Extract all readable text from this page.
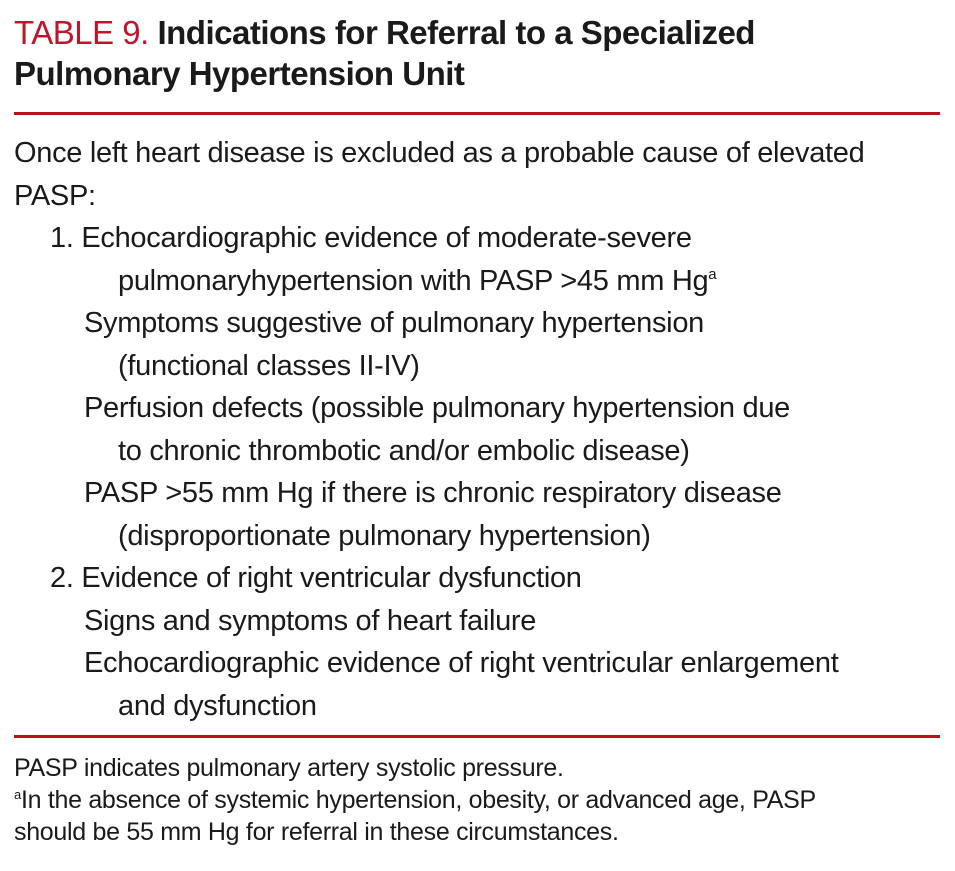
TABLE 9. Indications for Referral to a Specialized
Pulmonary Hypertension Unit
Once left heart disease is excluded as a probable cause of elevated
PASP:
1. Echocardiographic evidence of moderate-severe
pulmonaryhypertension with PASP >45 mm Hg$^a$
Symptoms suggestive of pulmonary hypertension
(functional classes II-IV)
Perfusion defects (possible pulmonary hypertension due
to chronic thrombotic and/or embolic disease)
PASP >55 mm Hg if there is chronic respiratory disease
(disproportionate pulmonary hypertension)
2. Evidence of right ventricular dysfunction
Signs and symptoms of heart failure
Echocardiographic evidence of right ventricular enlargement
and dysfunction
PASP indicates pulmonary artery systolic pressure.
$^a$In the absence of systemic hypertension, obesity, or advanced age, PASP
should be 55 mm Hg for referral in these circumstances.
